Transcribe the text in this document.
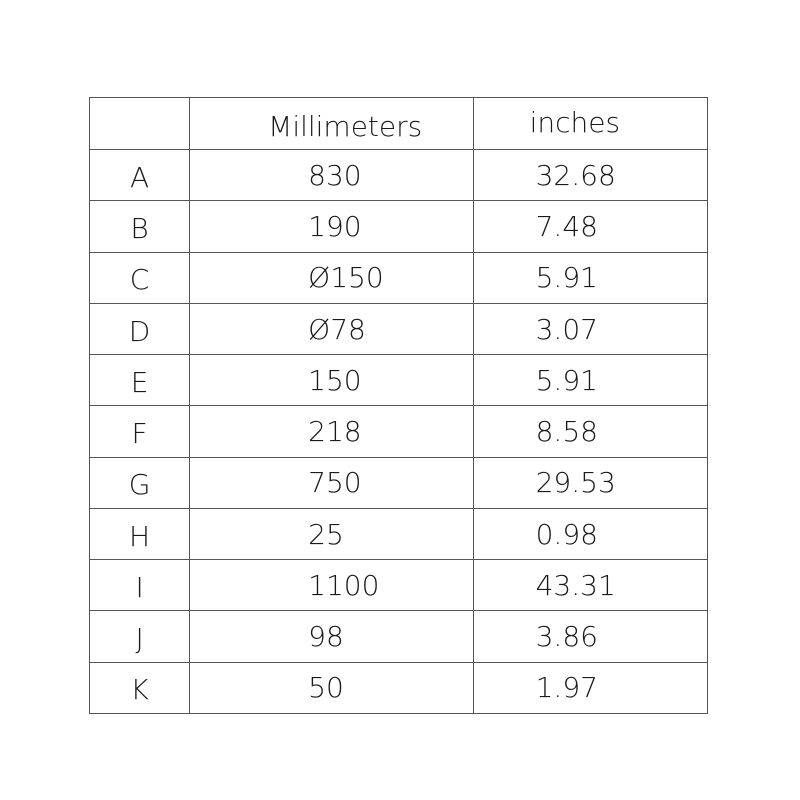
	Millimeters	inches
A	830	32.68
B	190	7.48
C	Ø150	5.91
D	Ø78	3.07
E	150	5.91
F	218	8.58
G	750	29.53
H	25	0.98
I	1100	43.31
J	98	3.86
K	50	1.97
